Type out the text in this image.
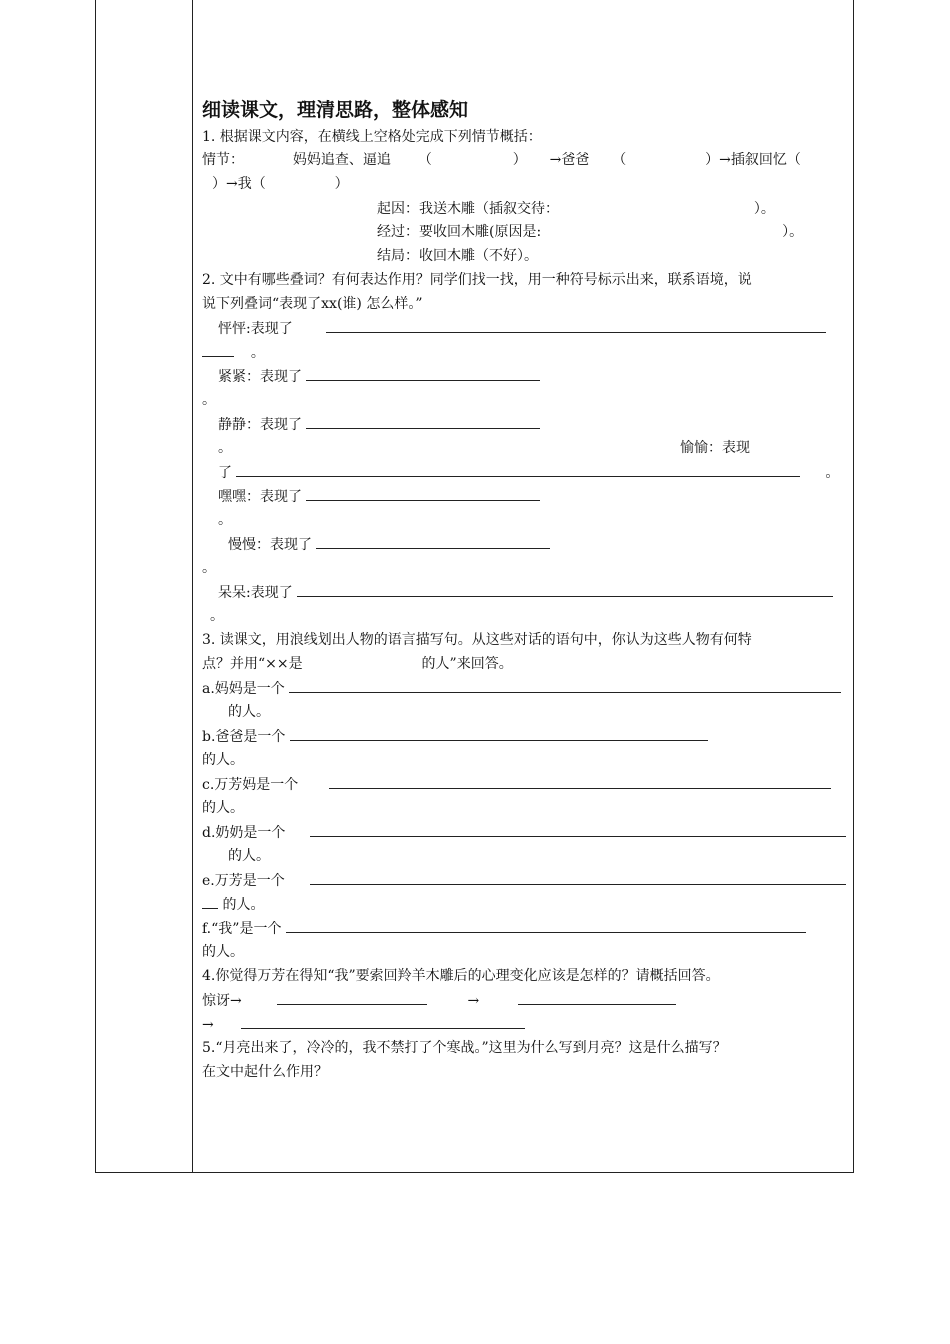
细读课文，理清思路，整体感知
1. 根据课文内容，在横线上空格处完成下列情节概括：
情节：	妈妈追查、逼追 （	） →爸爸 （	）→插叙回忆（
）→我（	）
起因：我送木雕（插叙交待：	）。
经过：要收回木雕(原因是:	）。
结局：收回木雕（不好）。
2. 文中有哪些叠词？有何表达作用？同学们找一找，用一种符号标示出来，联系语境，说
说下列叠词“表现了xx(谁) 怎么样。”
怦怦:表现了
。
紧紧：表现了
。
静静：表现了
。	愉愉：表现
了	。
嘿嘿：表现了
。
慢慢：表现了
。
呆呆:表现了
。
3. 读课文，用浪线划出人物的语言描写句。从这些对话的语句中，你认为这些人物有何特
点？并用“××是	的人”来回答。
a.妈妈是一个
的人。
b.爸爸是一个
的人。
c.万芳妈是一个
的人。
d.奶奶是一个
的人。
e.万芳是一个
的人。
f.“我”是一个
的人。
4.你觉得万芳在得知“我”要索回羚羊木雕后的心理变化应该是怎样的？请概括回答。
惊讶→	→
→
5.“月亮出来了，冷冷的，我不禁打了个寒战。”这里为什么写到月亮？这是什么描写？
在文中起什么作用？
